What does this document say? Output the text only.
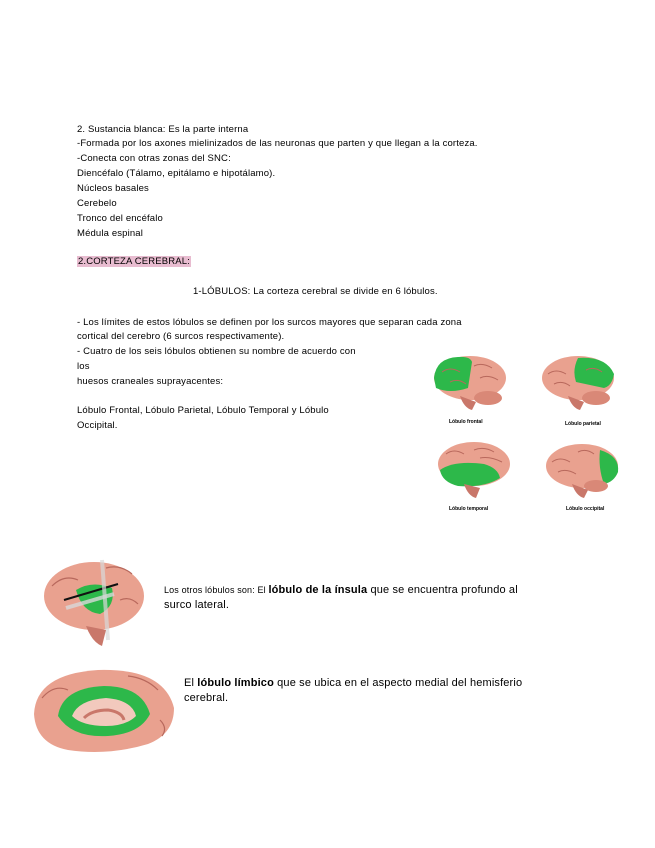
2. Sustancia blanca: Es la parte interna
-Formada por los axones mielinizados de las neuronas que parten y que llegan a la corteza.
-Conecta con otras zonas del SNC:
Diencéfalo (Tálamo, epitálamo e hipotálamo).
Núcleos basales
Cerebelo
Tronco del encéfalo
Médula espinal
2.CORTEZA CEREBRAL:
1-LÓBULOS: La corteza cerebral se divide en 6 lóbulos.
- Los límites de estos lóbulos se definen por los surcos mayores que separan cada zona
cortical del cerebro (6 surcos respectivamente).
- Cuatro de los seis lóbulos obtienen su nombre de acuerdo con
los
huesos craneales suprayacentes:
Lóbulo Frontal, Lóbulo Parietal, Lóbulo Temporal y Lóbulo
Occipital.	Lóbulo frontal	Lóbulo parietal
Lóbulo temporal	Lóbulo occipital
Los otros lóbulos son: El lóbulo de la ínsula que se encuentra profundo al
surco lateral.
El lóbulo límbico que se ubica en el aspecto medial del hemisferio
cerebral.
